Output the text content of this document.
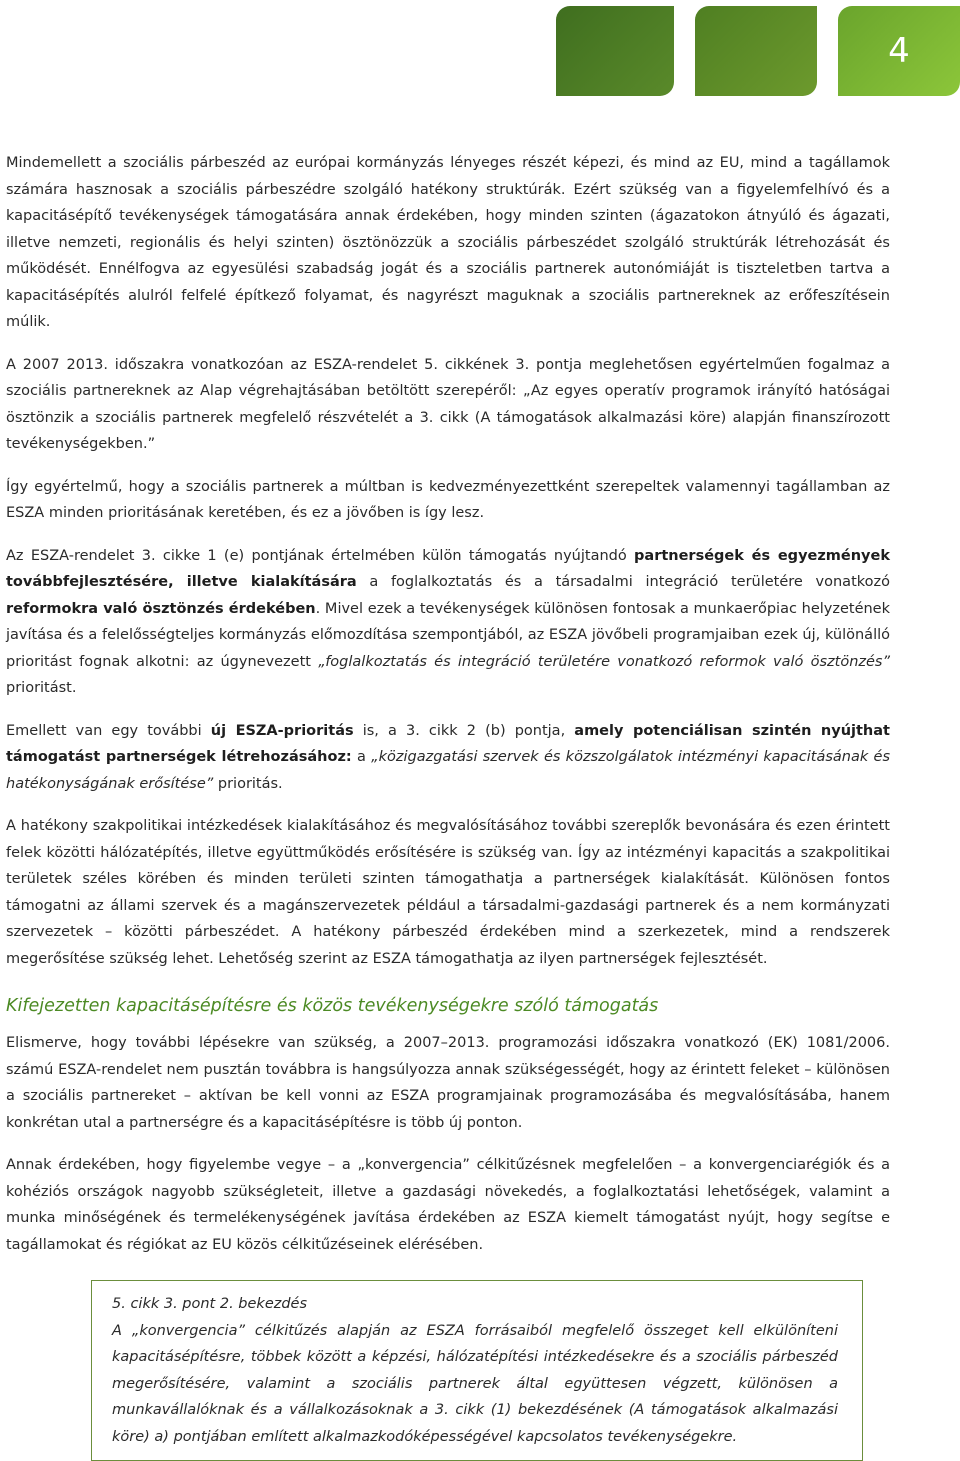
4

Mindemellett a szociális párbeszéd az európai kormányzás lényeges részét képezi, és mind az EU, mind a tagállamok számára hasznosak a szociális párbeszédre szolgáló hatékony struktúrák. Ezért szükség van a figyelemfelhívó és a kapacitásépítő tevékenységek támogatására annak érdekében, hogy minden szinten (ágazatokon átnyúló és ágazati, illetve nemzeti, regionális és helyi szinten) ösztönözzük a szociális párbeszédet szolgáló struktúrák létrehozását és működését. Ennélfogva az egyesülési szabadság jogát és a szociális partnerek autonómiáját is tiszteletben tartva a kapacitásépítés alulról felfelé építkező folyamat, és nagyrészt maguknak a szociális partnereknek az erőfeszítésein múlik.

A 2007 2013. időszakra vonatkozóan az ESZA-rendelet 5. cikkének 3. pontja meglehetősen egyértelműen fogalmaz a szociális partnereknek az Alap végrehajtásában betöltött szerepéről: „Az egyes operatív programok irányító hatóságai ösztönzik a szociális partnerek megfelelő részvételét a 3. cikk (A támogatások alkalmazási köre) alapján finanszírozott tevékenységekben.”

Így egyértelmű, hogy a szociális partnerek a múltban is kedvezményezettként szerepeltek valamennyi tagállamban az ESZA minden prioritásának keretében, és ez a jövőben is így lesz.

Az ESZA-rendelet 3. cikke 1 (e) pontjának értelmében külön támogatás nyújtandó partnerségek és egyezmények továbbfejlesztésére, illetve kialakítására a foglalkoztatás és a társadalmi integráció területére vonatkozó reformokra való ösztönzés érdekében. Mivel ezek a tevékenységek különösen fontosak a munkaerőpiac helyzetének javítása és a felelősségteljes kormányzás előmozdítása szempontjából, az ESZA jövőbeli programjaiban ezek új, különálló prioritást fognak alkotni: az úgynevezett „foglalkoztatás és integráció területére vonatkozó reformok való ösztönzés” prioritást.

Emellett van egy további új ESZA-prioritás is, a 3. cikk 2 (b) pontja, amely potenciálisan szintén nyújthat támogatást partnerségek létrehozásához: a „közigazgatási szervek és közszolgálatok intézményi kapacitásának és hatékonyságának erősítése” prioritás.

A hatékony szakpolitikai intézkedések kialakításához és megvalósításához további szereplők bevonására és ezen érintett felek közötti hálózatépítés, illetve együttműködés erősítésére is szükség van. Így az intézményi kapacitás a szakpolitikai területek széles körében és minden területi szinten támogathatja a partnerségek kialakítását. Különösen fontos támogatni az állami szervek és a magánszervezetek például a társadalmi-gazdasági partnerek és a nem kormányzati szervezetek – közötti párbeszédet. A hatékony párbeszéd érdekében mind a szerkezetek, mind a rendszerek megerősítése szükség lehet. Lehetőség szerint az ESZA támogathatja az ilyen partnerségek fejlesztését.

Kifejezetten kapacitásépítésre és közös tevékenységekre szóló támogatás

Elismerve, hogy további lépésekre van szükség, a 2007–2013. programozási időszakra vonatkozó (EK) 1081/2006. számú ESZA-rendelet nem pusztán továbbra is hangsúlyozza annak szükségességét, hogy az érintett feleket – különösen a szociális partnereket – aktívan be kell vonni az ESZA programjainak programozásába és megvalósításába, hanem konkrétan utal a partnerségre és a kapacitásépítésre is több új ponton.

Annak érdekében, hogy figyelembe vegye – a „konvergencia” célkitűzésnek megfelelően – a konvergenciarégiók és a kohéziós országok nagyobb szükségleteit, illetve a gazdasági növekedés, a foglalkoztatási lehetőségek, valamint a munka minőségének és termelékenységének javítása érdekében az ESZA kiemelt támogatást nyújt, hogy segítse e tagállamokat és régiókat az EU közös célkitűzéseinek elérésében.

5. cikk 3. pont 2. bekezdés

A „konvergencia” célkitűzés alapján az ESZA forrásaiból megfelelő összeget kell elkülöníteni kapacitásépítésre, többek között a képzési, hálózatépítési intézkedésekre és a szociális párbeszéd megerősítésére, valamint a szociális partnerek által együttesen végzett, különösen a munkavállalóknak és a vállalkozásoknak a 3. cikk (1) bekezdésének (A támogatások alkalmazási köre) a) pontjában említett alkalmazkodóképességével kapcsolatos tevékenységekre.
